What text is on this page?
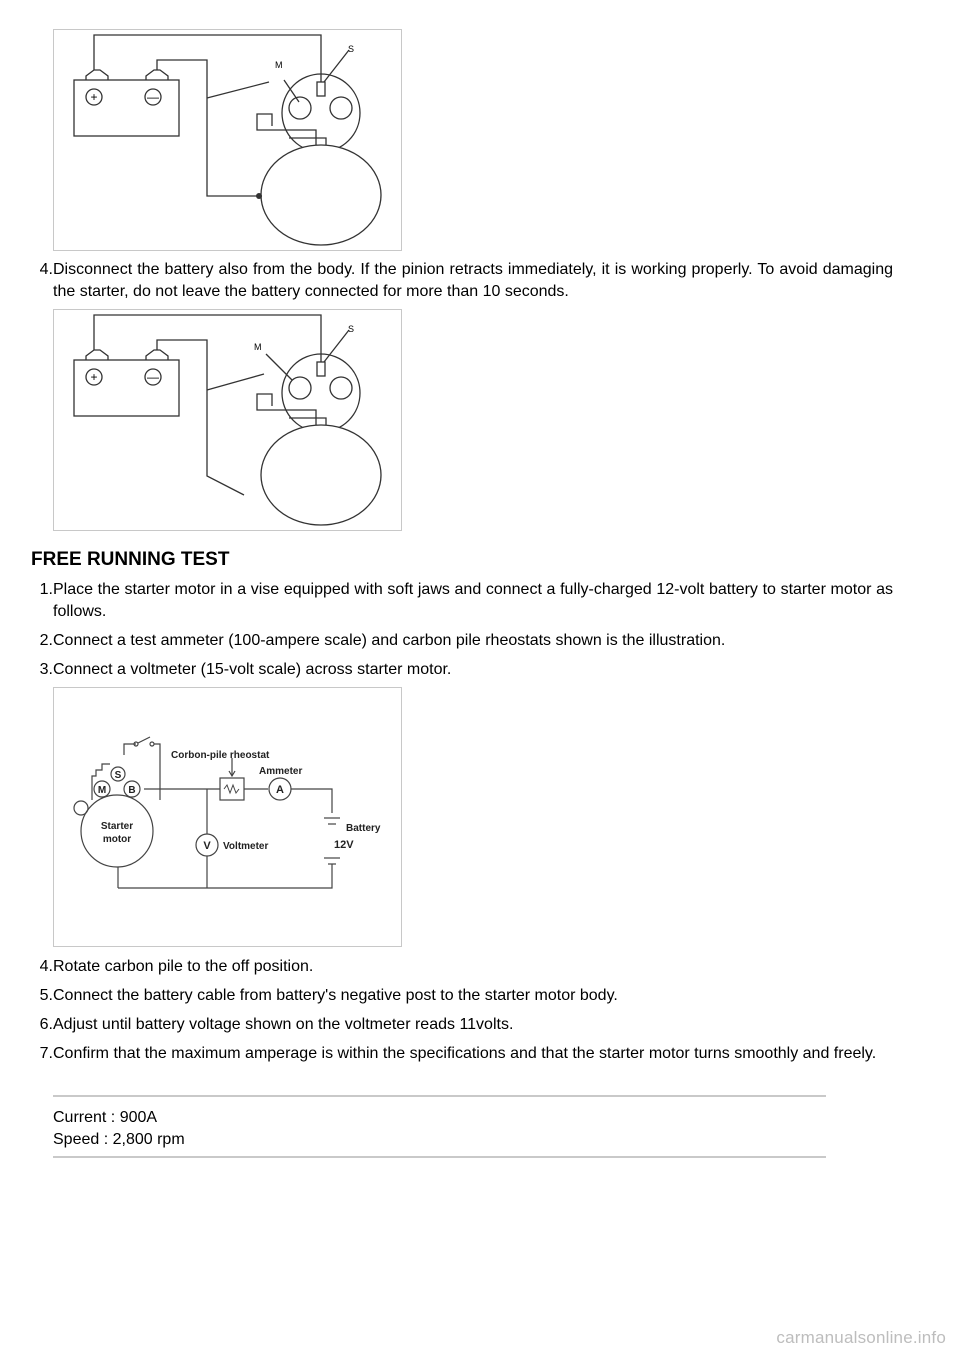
+	—
M
S
4. Disconnect the battery also from the body. If the pinion retracts immediately, it is working properly. To avoid damaging the starter, do not leave the battery connected for more than 10 seconds.
+	—
M
S
FREE RUNNING TEST
1. Place the starter motor in a vise equipped with soft jaws and connect a fully-charged 12-volt battery to starter motor as follows.
2. Connect a test ammeter (100-ampere scale) and carbon pile rheostats shown is the illustration.
3. Connect a voltmeter (15-volt scale) across starter motor.
Corbon-pile rheostat
Ammeter
A
V Voltmeter
Battery
12V
S
M B
Starter
motor
4. Rotate carbon pile to the off position.
5. Connect the battery cable from battery's negative post to the starter motor body.
6. Adjust until battery voltage shown on the voltmeter reads 11volts.
7. Confirm that the maximum amperage is within the specifications and that the starter motor turns smoothly and freely.
Current : 900A
Speed : 2,800 rpm
carmanualsonline.info
